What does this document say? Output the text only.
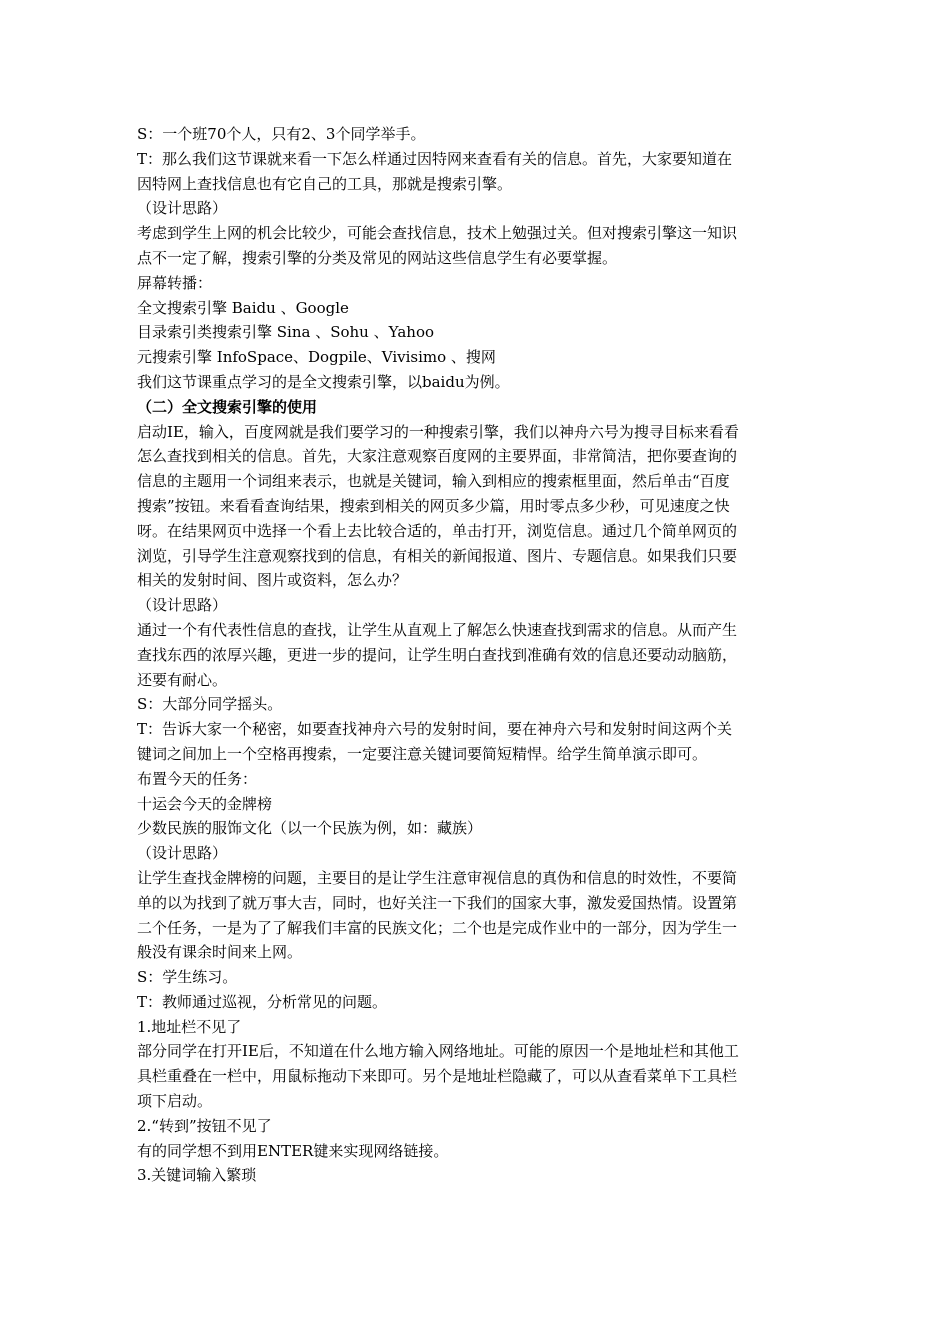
S：一个班70个人，只有2、3个同学举手。
T：那么我们这节课就来看一下怎么样通过因特网来查看有关的信息。首先，大家要知道在
因特网上查找信息也有它自己的工具，那就是搜索引擎。
（设计思路）
考虑到学生上网的机会比较少，可能会查找信息，技术上勉强过关。但对搜索引擎这一知识
点不一定了解，搜索引擎的分类及常见的网站这些信息学生有必要掌握。
屏幕转播：
全文搜索引擎 Baidu 、Google
目录索引类搜索引擎 Sina 、Sohu 、Yahoo
元搜索引擎 InfoSpace、Dogpile、Vivisimo 、搜网
我们这节课重点学习的是全文搜索引擎，以baidu为例。
（二）全文搜索引擎的使用
启动IE，输入，百度网就是我们要学习的一种搜索引擎，我们以神舟六号为搜寻目标来看看
怎么查找到相关的信息。首先，大家注意观察百度网的主要界面，非常简洁，把你要查询的
信息的主题用一个词组来表示，也就是关键词，输入到相应的搜索框里面，然后单击“百度
搜索”按钮。来看看查询结果，搜索到相关的网页多少篇，用时零点多少秒，可见速度之快
呀。在结果网页中选择一个看上去比较合适的，单击打开，浏览信息。通过几个简单网页的
浏览，引导学生注意观察找到的信息，有相关的新闻报道、图片、专题信息。如果我们只要
相关的发射时间、图片或资料，怎么办？
（设计思路）
通过一个有代表性信息的查找，让学生从直观上了解怎么快速查找到需求的信息。从而产生
查找东西的浓厚兴趣，更进一步的提问，让学生明白查找到准确有效的信息还要动动脑筋，
还要有耐心。
S：大部分同学摇头。
T：告诉大家一个秘密，如要查找神舟六号的发射时间，要在神舟六号和发射时间这两个关
键词之间加上一个空格再搜索，一定要注意关键词要简短精悍。给学生简单演示即可。
布置今天的任务：
十运会今天的金牌榜
少数民族的服饰文化（以一个民族为例，如：藏族）
（设计思路）
让学生查找金牌榜的问题，主要目的是让学生注意审视信息的真伪和信息的时效性，不要简
单的以为找到了就万事大吉，同时，也好关注一下我们的国家大事，激发爱国热情。设置第
二个任务，一是为了了解我们丰富的民族文化；二个也是完成作业中的一部分，因为学生一
般没有课余时间来上网。
S：学生练习。
T：教师通过巡视，分析常见的问题。
1.地址栏不见了
部分同学在打开IE后，不知道在什么地方输入网络地址。可能的原因一个是地址栏和其他工
具栏重叠在一栏中，用鼠标拖动下来即可。另个是地址栏隐藏了，可以从查看菜单下工具栏
项下启动。
2.“转到”按钮不见了
有的同学想不到用ENTER键来实现网络链接。
3.关键词输入繁琐
